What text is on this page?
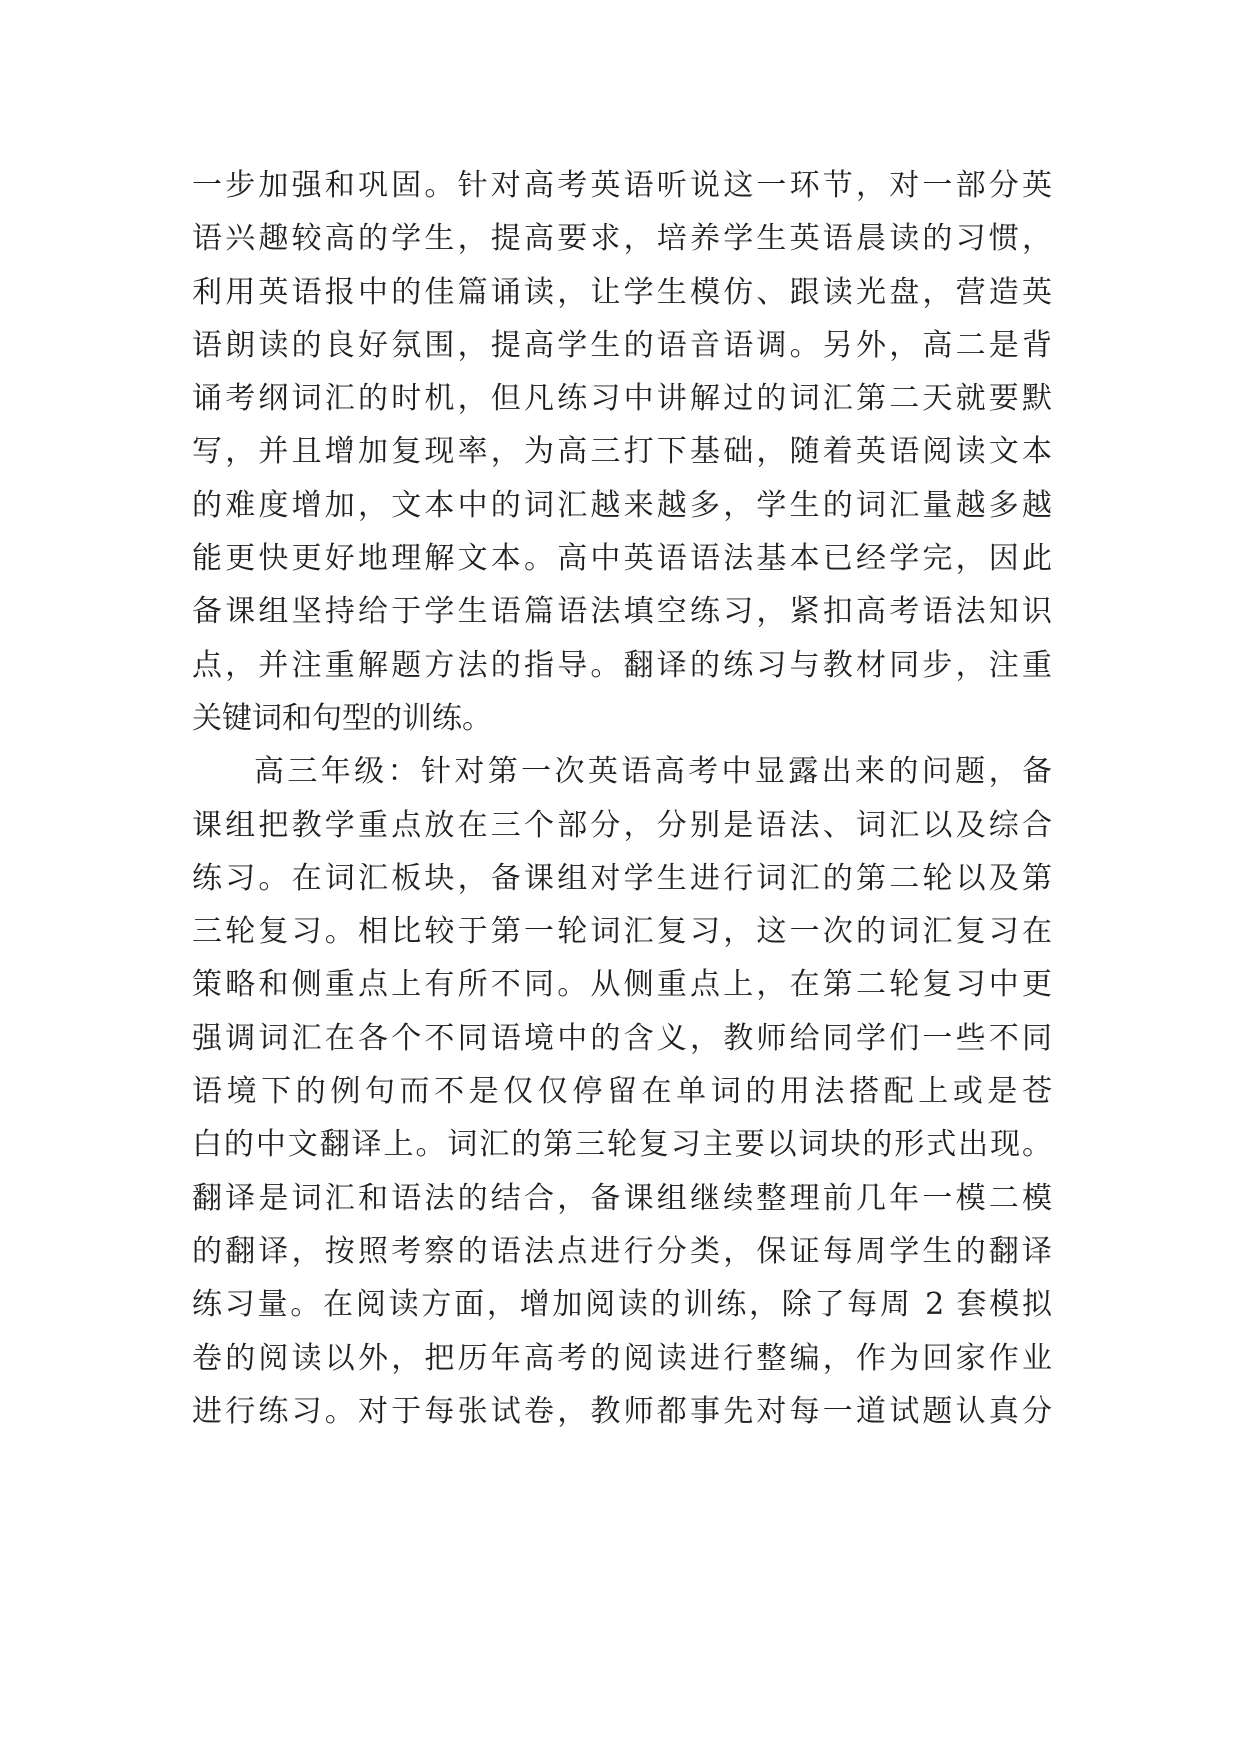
一步加强和巩固。针对高考英语听说这一环节，对一部分英
语兴趣较高的学生，提高要求，培养学生英语晨读的习惯，
利用英语报中的佳篇诵读，让学生模仿、跟读光盘，营造英
语朗读的良好氛围，提高学生的语音语调。另外，高二是背
诵考纲词汇的时机，但凡练习中讲解过的词汇第二天就要默
写，并且增加复现率，为高三打下基础，随着英语阅读文本
的难度增加，文本中的词汇越来越多，学生的词汇量越多越
能更快更好地理解文本。高中英语语法基本已经学完，因此
备课组坚持给于学生语篇语法填空练习，紧扣高考语法知识
点，并注重解题方法的指导。翻译的练习与教材同步，注重
关键词和句型的训练。
高三年级：针对第一次英语高考中显露出来的问题，备
课组把教学重点放在三个部分，分别是语法、词汇以及综合
练习。在词汇板块，备课组对学生进行词汇的第二轮以及第
三轮复习。相比较于第一轮词汇复习，这一次的词汇复习在
策略和侧重点上有所不同。从侧重点上，在第二轮复习中更
强调词汇在各个不同语境中的含义，教师给同学们一些不同
语境下的例句而不是仅仅停留在单词的用法搭配上或是苍
白的中文翻译上。词汇的第三轮复习主要以词块的形式出现。
翻译是词汇和语法的结合，备课组继续整理前几年一模二模
的翻译，按照考察的语法点进行分类，保证每周学生的翻译
练习量。在阅读方面，增加阅读的训练，除了每周 2 套模拟
卷的阅读以外，把历年高考的阅读进行整编，作为回家作业
进行练习。对于每张试卷，教师都事先对每一道试题认真分
